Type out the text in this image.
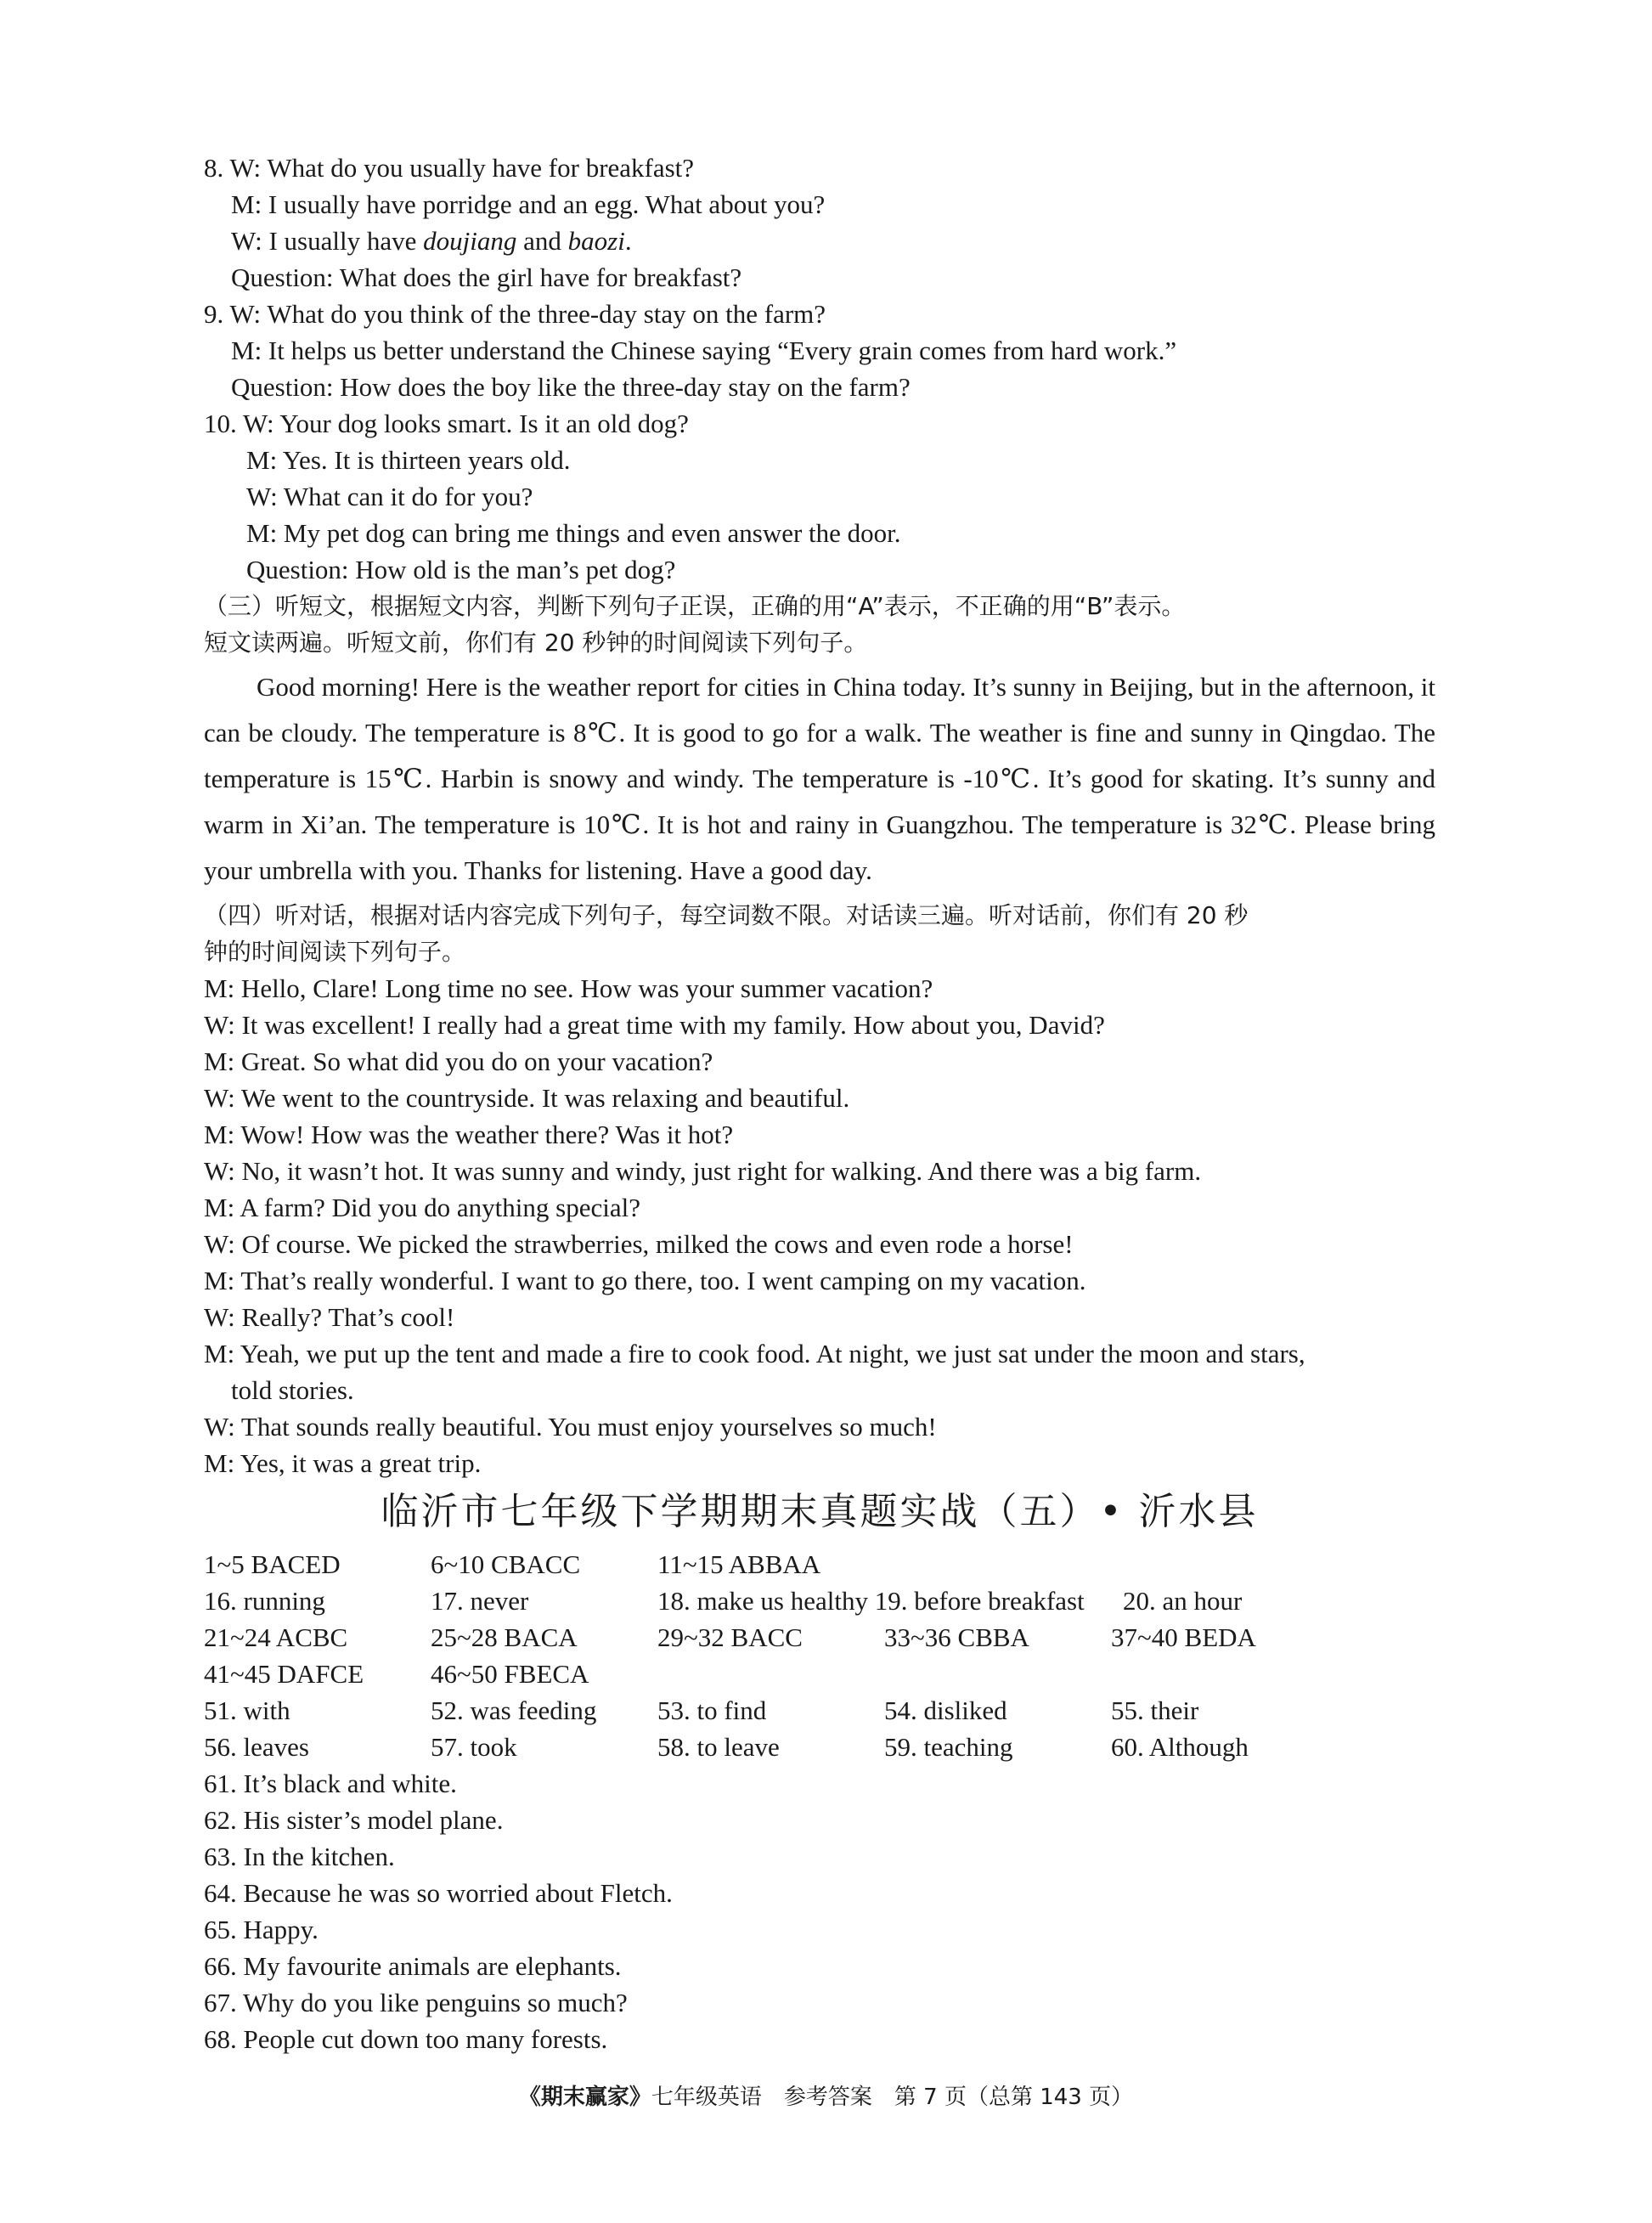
8. W: What do you usually have for breakfast?
M: I usually have porridge and an egg. What about you?
W: I usually have doujiang and baozi.
Question: What does the girl have for breakfast?
9. W: What do you think of the three-day stay on the farm?
M: It helps us better understand the Chinese saying “Every grain comes from hard work.”
Question: How does the boy like the three-day stay on the farm?
10. W: Your dog looks smart. Is it an old dog?
M: Yes. It is thirteen years old.
W: What can it do for you?
M: My pet dog can bring me things and even answer the door.
Question: How old is the man’s pet dog?
（三）听短文，根据短文内容，判断下列句子正误，正确的用“A”表示，不正确的用“B”表示。
短文读两遍。听短文前，你们有 20 秒钟的时间阅读下列句子。
Good morning! Here is the weather report for cities in China today. It’s sunny in Beijing, but in the afternoon, it can be cloudy. The temperature is 8℃. It is good to go for a walk. The weather is fine and sunny in Qingdao. The temperature is 15℃. Harbin is snowy and windy. The temperature is -10℃. It’s good for skating. It’s sunny and warm in Xi’an. The temperature is 10℃. It is hot and rainy in Guangzhou. The temperature is 32℃. Please bring your umbrella with you. Thanks for listening. Have a good day.
（四）听对话，根据对话内容完成下列句子，每空词数不限。对话读三遍。听对话前，你们有 20 秒
钟的时间阅读下列句子。
M: Hello, Clare! Long time no see. How was your summer vacation?
W: It was excellent! I really had a great time with my family. How about you, David?
M: Great. So what did you do on your vacation?
W: We went to the countryside. It was relaxing and beautiful.
M: Wow! How was the weather there? Was it hot?
W: No, it wasn’t hot. It was sunny and windy, just right for walking. And there was a big farm.
M: A farm? Did you do anything special?
W: Of course. We picked the strawberries, milked the cows and even rode a horse!
M: That’s really wonderful. I want to go there, too. I went camping on my vacation.
W: Really? That’s cool!
M: Yeah, we put up the tent and made a fire to cook food. At night, we just sat under the moon and stars,
told stories.
W: That sounds really beautiful. You must enjoy yourselves so much!
M: Yes, it was a great trip.
临沂市七年级下学期期末真题实战（五）• 沂水县
1~5 BACED	6~10 CBACC	11~15 ABBAA
16. running	17. never	18. make us healthy 19. before breakfast 20. an hour
21~24 ACBC	25~28 BACA	29~32 BACC	33~36 CBBA	37~40 BEDA
41~45 DAFCE	46~50 FBECA
51. with	52. was feeding	53. to find	54. disliked	55. their
56. leaves	57. took	58. to leave	59. teaching	60. Although
61. It’s black and white.
62. His sister’s model plane.
63. In the kitchen.
64. Because he was so worried about Fletch.
65. Happy.
66. My favourite animals are elephants.
67. Why do you like penguins so much?
68. People cut down too many forests.
《期末赢家》七年级英语　参考答案　第 7 页（总第 143 页）
